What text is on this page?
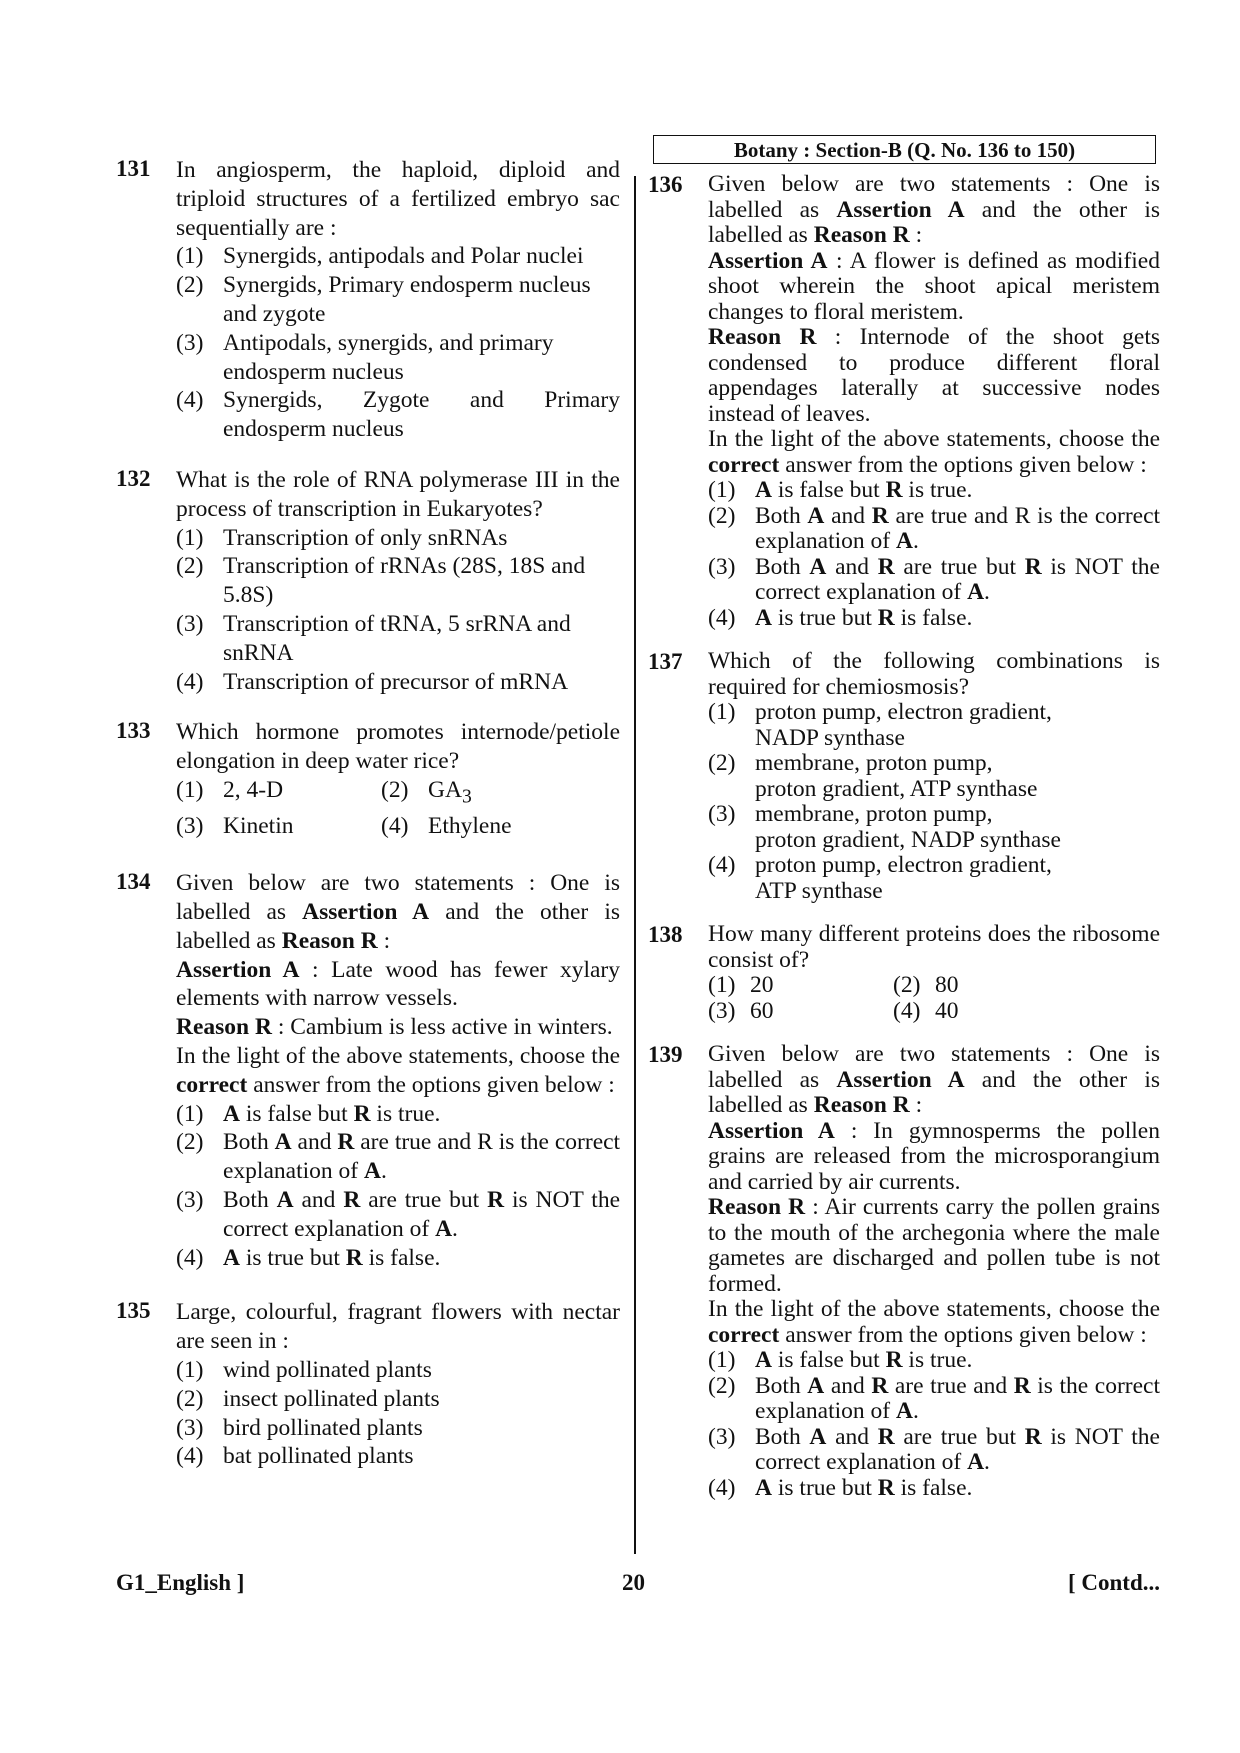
Botany : Section-B (Q. No. 136 to 150)
131 In angiosperm, the haploid, diploid and triploid structures of a fertilized embryo sac sequentially are :
(1) Synergids, antipodals and Polar nuclei
(2) Synergids, Primary endosperm nucleus and zygote
(3) Antipodals, synergids, and primary endosperm nucleus
(4) Synergids, Zygote and Primary endosperm nucleus
132 What is the role of RNA polymerase III in the process of transcription in Eukaryotes?
(1) Transcription of only snRNAs
(2) Transcription of rRNAs (28S, 18S and 5.8S)
(3) Transcription of tRNA, 5 srRNA and snRNA
(4) Transcription of precursor of mRNA
133 Which hormone promotes internode/petiole elongation in deep water rice?
(1) 2, 4-D	(2) $GA_3$
(3) Kinetin	(4) Ethylene
134 Given below are two statements : One is labelled as Assertion A and the other is labelled as Reason R :
Assertion A : Late wood has fewer xylary elements with narrow vessels.
Reason R : Cambium is less active in winters.
In the light of the above statements, choose the correct answer from the options given below :
(1) A is false but R is true.
(2) Both A and R are true and R is the correct explanation of A.
(3) Both A and R are true but R is NOT the correct explanation of A.
(4) A is true but R is false.
135 Large, colourful, fragrant flowers with nectar are seen in :
(1) wind pollinated plants
(2) insect pollinated plants
(3) bird pollinated plants
(4) bat pollinated plants
136 Given below are two statements : One is labelled as Assertion A and the other is labelled as Reason R :
Assertion A : A flower is defined as modified shoot wherein the shoot apical meristem changes to floral meristem.
Reason R : Internode of the shoot gets condensed to produce different floral appendages laterally at successive nodes instead of leaves.
In the light of the above statements, choose the correct answer from the options given below :
(1) A is false but R is true.
(2) Both A and R are true and R is the correct explanation of A.
(3) Both A and R are true but R is NOT the correct explanation of A.
(4) A is true but R is false.
137 Which of the following combinations is required for chemiosmosis?
(1) proton pump, electron gradient,
NADP synthase
(2) membrane, proton pump,
proton gradient, ATP synthase
(3) membrane, proton pump,
proton gradient, NADP synthase
(4) proton pump, electron gradient,
ATP synthase
138 How many different proteins does the ribosome consist of?
(1) 20	(2) 80
(3) 60	(4) 40
139 Given below are two statements : One is labelled as Assertion A and the other is labelled as Reason R :
Assertion A : In gymnosperms the pollen grains are released from the microsporangium and carried by air currents.
Reason R : Air currents carry the pollen grains to the mouth of the archegonia where the male gametes are discharged and pollen tube is not formed.
In the light of the above statements, choose the correct answer from the options given below :
(1) A is false but R is true.
(2) Both A and R are true and R is the correct explanation of A.
(3) Both A and R are true but R is NOT the correct explanation of A.
(4) A is true but R is false.
G1_English ]	20	[ Contd...
